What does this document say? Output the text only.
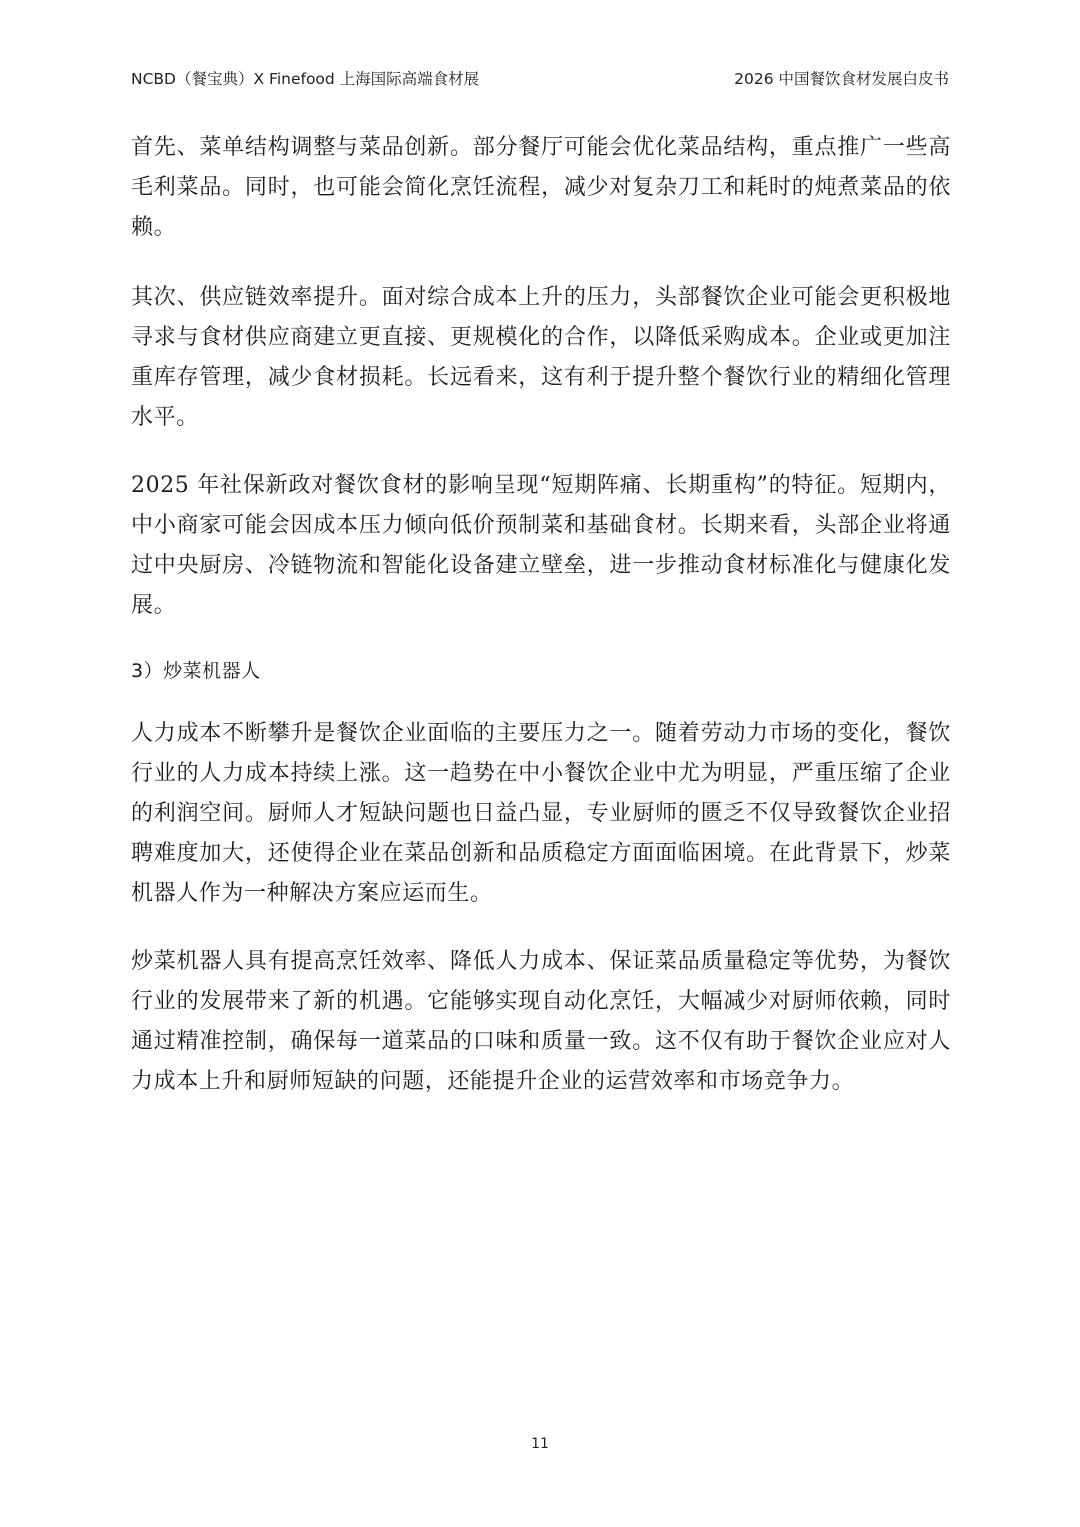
NCBD（餐宝典）X Finefood 上海国际高端食材展	2026 中国餐饮食材发展白皮书

首先、菜单结构调整与菜品创新。部分餐厅可能会优化菜品结构，重点推广一些高毛利菜品。同时，也可能会简化烹饪流程，减少对复杂刀工和耗时的炖煮菜品的依赖。

其次、供应链效率提升。面对综合成本上升的压力，头部餐饮企业可能会更积极地寻求与食材供应商建立更直接、更规模化的合作，以降低采购成本。企业或更加注重库存管理，减少食材损耗。长远看来，这有利于提升整个餐饮行业的精细化管理水平。

2025 年社保新政对餐饮食材的影响呈现“短期阵痛、长期重构”的特征。短期内，中小商家可能会因成本压力倾向低价预制菜和基础食材。长期来看，头部企业将通过中央厨房、冷链物流和智能化设备建立壁垒，进一步推动食材标准化与健康化发展。

3）炒菜机器人

人力成本不断攀升是餐饮企业面临的主要压力之一。随着劳动力市场的变化，餐饮行业的人力成本持续上涨。这一趋势在中小餐饮企业中尤为明显，严重压缩了企业的利润空间。厨师人才短缺问题也日益凸显，专业厨师的匮乏不仅导致餐饮企业招聘难度加大，还使得企业在菜品创新和品质稳定方面面临困境。在此背景下，炒菜机器人作为一种解决方案应运而生。

炒菜机器人具有提高烹饪效率、降低人力成本、保证菜品质量稳定等优势，为餐饮行业的发展带来了新的机遇。它能够实现自动化烹饪，大幅减少对厨师依赖，同时通过精准控制，确保每一道菜品的口味和质量一致。这不仅有助于餐饮企业应对人力成本上升和厨师短缺的问题，还能提升企业的运营效率和市场竞争力。

11
